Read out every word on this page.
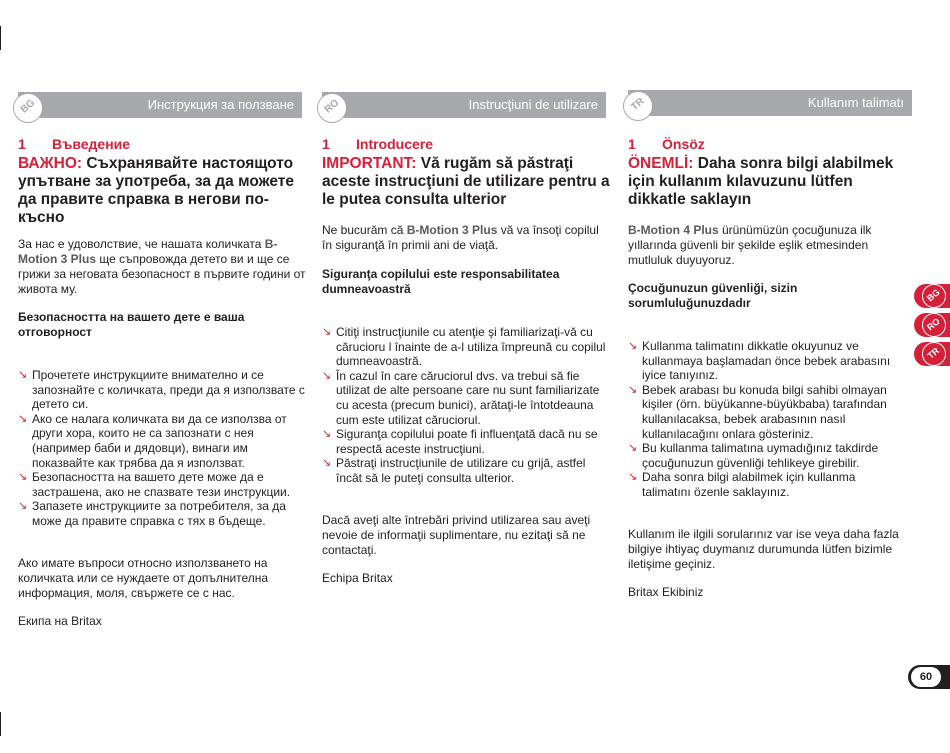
BG	Инструкция за ползване
1 Въведение
ВАЖНО: Съхранявайте настоящото упътване за употреба, за да можете да правите справка в негови по-късно
За нас е удоволствие, че нашата количката B-Motion 3 Plus ще съпровожда детето ви и ще се грижи за неговата безопасност в първите години от живота му.
Безопасността на вашето дете е ваша отговорност
↘ Прочетете инструкциите внимателно и се запознайте с количката, преди да я използвате с детето си.
↘ Ако се налага количката ви да се използва от други хора, които не са запознати с нея (например баби и дядовци), винаги им показвайте как трябва да я използват.
↘ Безопасността на вашето дете може да е застрашена, ако не спазвате тези инструкции.
↘ Запазете инструкциите за потребителя, за да може да правите справка с тях в бъдеще.
Ако имате въпроси относно използването на количката или се нуждаете от допълнителна информация, моля, свържете се с нас.
Екипа на Britax
RO	Instrucţiuni de utilizare
1 Introducere
IMPORTANT: Vă rugăm să păstraţi aceste instrucţiuni de utilizare pentru a le putea consulta ulterior
Ne bucurăm că B-Motion 3 Plus vă va însoţi copilul în siguranţă în primii ani de viaţă.
Siguranţa copilului este responsabilitatea dumneavoastră
↘ Citiţi instrucţiunile cu atenţie şi familiarizaţi-vă cu cărucioru l înainte de a-l utiliza împreună cu copilul dumneavoastră.
↘ În cazul în care căruciorul dvs. va trebui să fie utilizat de alte persoane care nu sunt familiarizate cu acesta (precum bunici), arătaţi-le întotdeauna cum este utilizat căruciorul.
↘ Siguranţa copilului poate fi influenţată dacă nu se respectă aceste instrucţiuni.
↘ Păstraţi instrucţiunile de utilizare cu grijă, astfel încât să le puteţi consulta ulterior.
Dacă aveţi alte întrebări privind utilizarea sau aveţi nevoie de informaţii suplimentare, nu ezitaţi să ne contactaţi.
Echipa Britax
TR	Kullanım talimatı
1 Önsöz
ÖNEMLİ: Daha sonra bilgi alabilmek için kullanım kılavuzunu lütfen dikkatle saklayın
B-Motion 4 Plus ürünümüzün çocuğunuza ilk yıllarında güvenli bir şekilde eşlik etmesinden mutluluk duyuyoruz.
Çocuğunuzun güvenliği, sizin sorumluluğunuzdadır
↘ Kullanma talimatını dikkatle okuyunuz ve kullanmaya başlamadan önce bebek arabasını iyice tanıyınız.
↘ Bebek arabası bu konuda bilgi sahibi olmayan kişiler (örn. büyükanne-büyükbaba) tarafından kullanılacaksa, bebek arabasının nasıl kullanılacağını onlara gösteriniz.
↘ Bu kullanma talimatına uymadığınız takdirde çocuğunuzun güvenliği tehlikeye girebilir.
↘ Daha sonra bilgi alabilmek için kullanma talimatını özenle saklayınız.
Kullanım ile ilgili sorularınız var ise veya daha fazla bilgiye ihtiyaç duymanız durumunda lütfen bizimle iletişime geçiniz.
Britax Ekibiniz
BG
RO
TR
60
